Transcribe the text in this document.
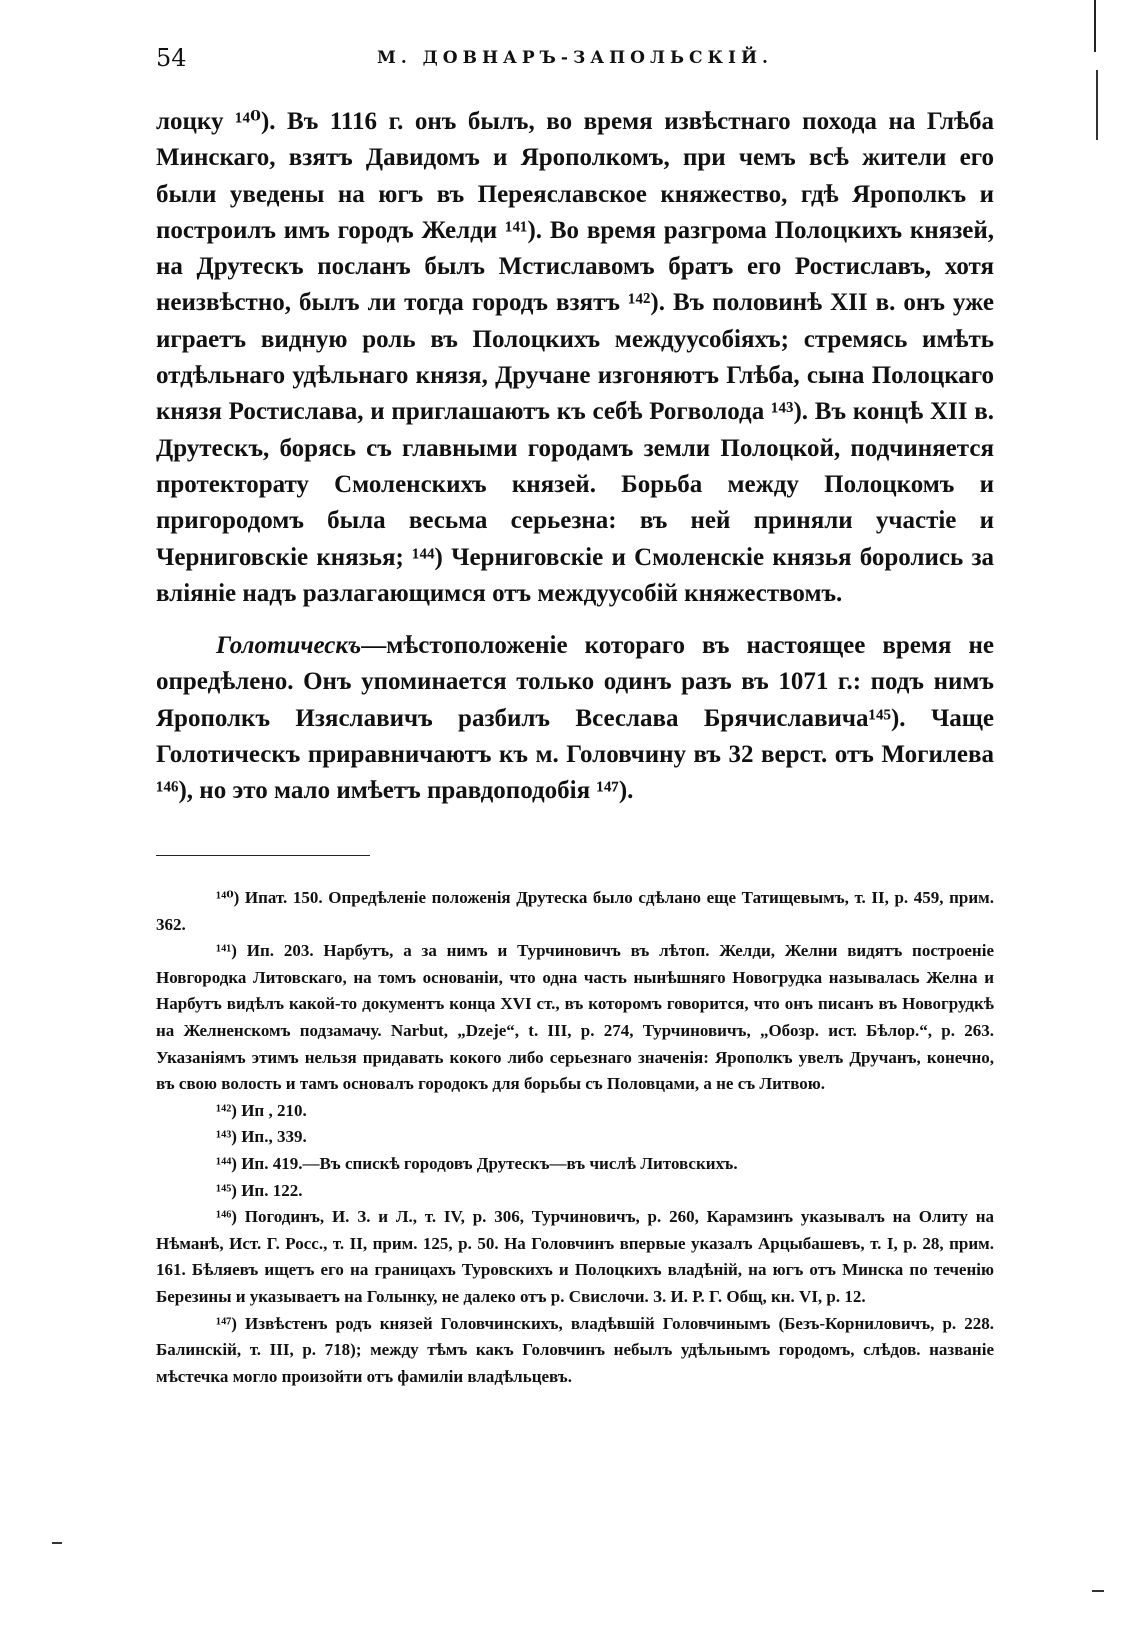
54	М. ДОВНАРЪ-ЗАПОЛЬСКІЙ.

лоцку ¹⁴⁰). Въ 1116 г. онъ былъ, во время извѣстнаго похода на Глѣба Минскаго, взятъ Давидомъ и Ярополкомъ, при чемъ всѣ жители его были уведены на югъ въ Переяславское княжество, гдѣ Ярополкъ и построилъ имъ городъ Желди ¹⁴¹). Во время разгрома Полоцкихъ князей, на Друтескъ посланъ былъ Мстиславомъ братъ его Ростиславъ, хотя неизвѣстно, былъ ли тогда городъ взятъ ¹⁴²). Въ половинѣ XII в. онъ уже играетъ видную роль въ Полоцкихъ междуусобіяхъ; стремясь имѣть отдѣльнаго удѣльнаго князя, Дручане изгоняютъ Глѣба, сына Полоцкаго князя Ростислава, и приглашаютъ къ себѣ Рогволода ¹⁴³). Въ концѣ XII в. Друтескъ, борясь съ главными городамъ земли Полоцкой, подчиняется протекторату Смоленскихъ князей. Борьба между Полоцкомъ и пригородомъ была весьма серьезна: въ ней приняли участіе и Черниговскіе князья; ¹⁴⁴) Черниговскіе и Смоленскіе князья боролись за вліяніе надъ разлагающимся отъ междуусобій княжествомъ.

Голотическъ—мѣстоположеніе котораго въ настоящее время не опредѣлено. Онъ упоминается только одинъ разъ въ 1071 г.: подъ нимъ Ярополкъ Изяславичъ разбилъ Всеслава Брячиславича¹⁴⁵). Чаще Голотическъ приравничаютъ къ м. Головчину въ 32 верст. отъ Могилева ¹⁴⁶), но это мало имѣетъ правдоподобія ¹⁴⁷).

¹⁴⁰) Ипат. 150. Опредѣленіе положенія Друтеска было сдѣлано еще Татищевымъ, т. II, р. 459, прим. 362.

¹⁴¹) Ип. 203. Нарбутъ, а за нимъ и Турчиновичъ въ лѣтоп. Желди, Желни видятъ построеніе Новгородка Литовскаго, на томъ основаніи, что одна часть нынѣшняго Новогрудка называлась Желна и Нарбутъ видѣлъ какой-то документъ конца XVI ст., въ которомъ говорится, что онъ писанъ въ Новогрудкѣ на Желненскомъ подзамачу. Narbut, „Dzeje“, t. III, p. 274, Турчиновичъ, „Обозр. ист. Бѣлор.“, р. 263. Указаніямъ этимъ нельзя придавать кокого либо серьезнаго значенія: Ярополкъ увелъ Дручанъ, конечно, въ свою волость и тамъ основалъ городокъ для борьбы съ Половцами, а не съ Литвою.

¹⁴²) Ип , 210.

¹⁴³) Ип., 339.

¹⁴⁴) Ип. 419.—Въ спискѣ городовъ Друтескъ—въ числѣ Литовскихъ.

¹⁴⁵) Ип. 122.

¹⁴⁶) Погодинъ, И. З. и Л., т. IV, р. 306, Турчиновичъ, р. 260, Карамзинъ указывалъ на Олиту на Нѣманѣ, Ист. Г. Росс., т. II, прим. 125, р. 50. На Головчинъ впервые указалъ Арцыбашевъ, т. I, р. 28, прим. 161. Бѣляевъ ищетъ его на границахъ Туровскихъ и Полоцкихъ владѣній, на югъ отъ Минска по теченію Березины и указываетъ на Голынку, не далеко отъ р. Свислочи. З. И. Р. Г. Общ, кн. VI, р. 12.

¹⁴⁷) Извѣстенъ родъ князей Головчинскихъ, владѣвшій Головчинымъ (Безъ-Корниловичъ, р. 228. Балинскій, т. III, р. 718); между тѣмъ какъ Головчинъ небылъ удѣльнымъ городомъ, слѣдов. названіе мѣстечка могло произойти отъ фамиліи владѣльцевъ.
